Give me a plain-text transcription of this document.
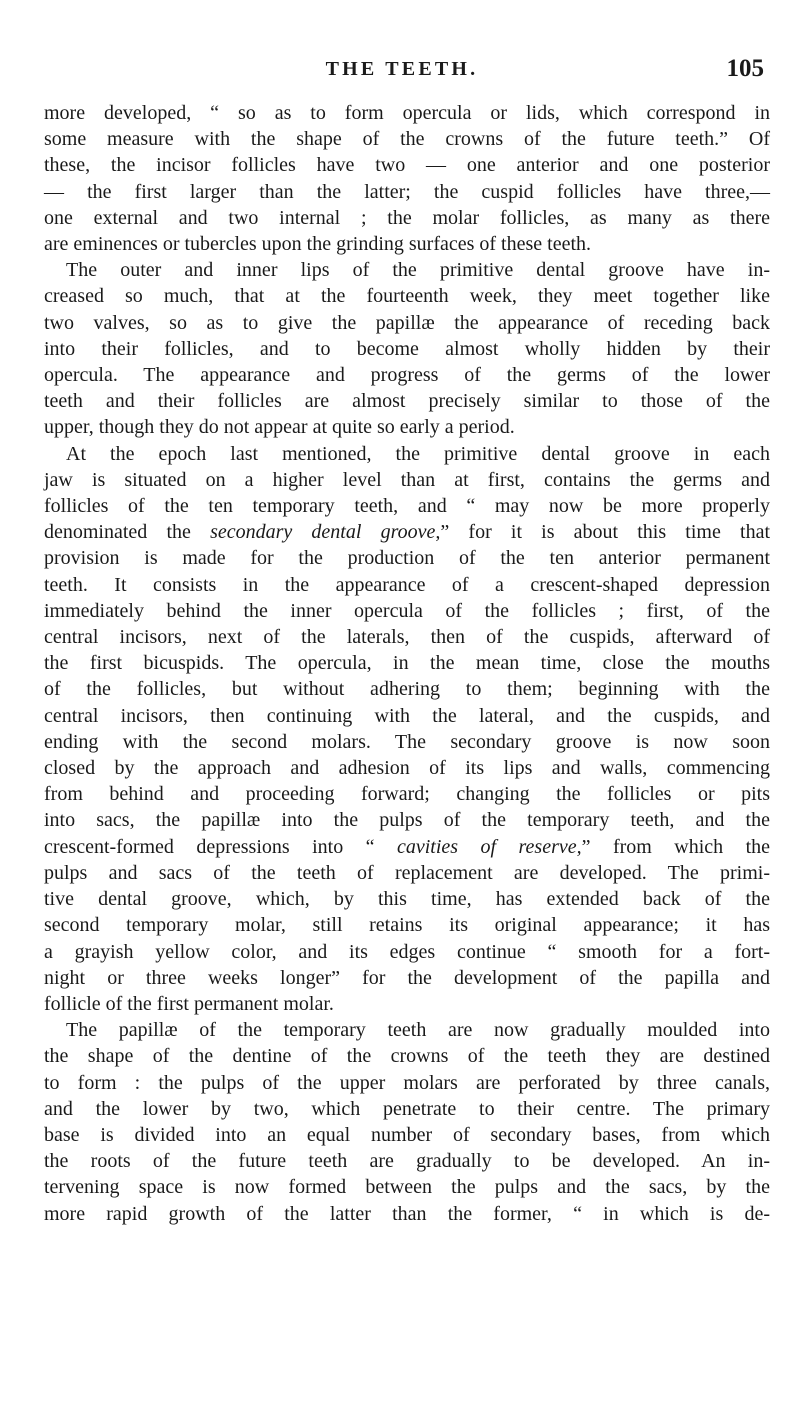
THE TEETH.	105
more developed, “ so as to form opercula or lids, which correspond in
some measure with the shape of the crowns of the future teeth.” Of
these, the incisor follicles have two — one anterior and one posterior
— the first larger than the latter; the cuspid follicles have three,—
one external and two internal ; the molar follicles, as many as there
are eminences or tubercles upon the grinding surfaces of these teeth.
The outer and inner lips of the primitive dental groove have in-
creased so much, that at the fourteenth week, they meet together like
two valves, so as to give the papillæ the appearance of receding back
into their follicles, and to become almost wholly hidden by their
opercula. The appearance and progress of the germs of the lower
teeth and their follicles are almost precisely similar to those of the
upper, though they do not appear at quite so early a period.
At the epoch last mentioned, the primitive dental groove in each
jaw is situated on a higher level than at first, contains the germs and
follicles of the ten temporary teeth, and “ may now be more properly
denominated the secondary dental groove,” for it is about this time that
provision is made for the production of the ten anterior permanent
teeth. It consists in the appearance of a crescent-shaped depression
immediately behind the inner opercula of the follicles ; first, of the
central incisors, next of the laterals, then of the cuspids, afterward of
the first bicuspids. The opercula, in the mean time, close the mouths
of the follicles, but without adhering to them; beginning with the
central incisors, then continuing with the lateral, and the cuspids, and
ending with the second molars. The secondary groove is now soon
closed by the approach and adhesion of its lips and walls, commencing
from behind and proceeding forward; changing the follicles or pits
into sacs, the papillæ into the pulps of the temporary teeth, and the
crescent-formed depressions into “ cavities of reserve,” from which the
pulps and sacs of the teeth of replacement are developed. The primi-
tive dental groove, which, by this time, has extended back of the
second temporary molar, still retains its original appearance; it has
a grayish yellow color, and its edges continue “ smooth for a fort-
night or three weeks longer” for the development of the papilla and
follicle of the first permanent molar.
The papillæ of the temporary teeth are now gradually moulded into
the shape of the dentine of the crowns of the teeth they are destined
to form : the pulps of the upper molars are perforated by three canals,
and the lower by two, which penetrate to their centre. The primary
base is divided into an equal number of secondary bases, from which
the roots of the future teeth are gradually to be developed. An in-
tervening space is now formed between the pulps and the sacs, by the
more rapid growth of the latter than the former, “ in which is de-
